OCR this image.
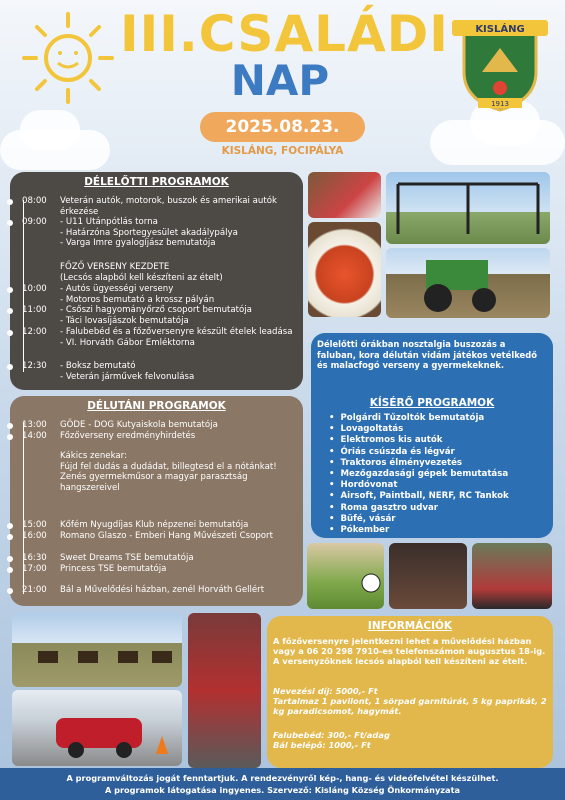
III.CSALÁDI
NAP
2025.08.23.
KISLÁNG, FOCIPÁLYA
KISLÁNG
1913
DÉLELŐTTI PROGRAMOK
08:00	Veterán autók, motorok, buszok és amerikai autók érkezése
09:00	- U11 Utánpótlás torna
- Határzóna Sportegyesület akadálypálya
- Varga Imre gyalogíjász bemutatója
FŐZŐ VERSENY KEZDETE
(Lecsós alapból kell készíteni az ételt)
10:00	- Autós ügyességi verseny
- Motoros bemutató a krossz pályán
11:00	- Csőszi hagyományőrző csoport bemutatója
- Táci lovasíjászok bemutatója
12:00	- Falubebéd és a főzőversenyre készült ételek leadása
- VI. Horváth Gábor Emléktorna
12:30	- Boksz bemutató
- Veterán járművek felvonulása
DÉLUTÁNI PROGRAMOK
13:00	GÖDE - DOG Kutyaiskola bemutatója
14:00	Főzőverseny eredményhirdetés
Kákics zenekar:
Fújd fel dudás a dudádat, billegtesd el a nótánkat!
Zenés gyermekműsor a magyar parasztság hangszereivel
15:00	Kőfém Nyugdíjas Klub népzenei bemutatója
16:00	Romano Glaszo - Emberi Hang Művészeti Csoport
16:30	Sweet Dreams TSE bemutatója
17:00	Princess TSE bemutatója
21:00	Bál a Művelődési házban, zenél Horváth Gellért
Délelőtti órákban nosztalgia buszozás a faluban, kora délután vidám játékos vetélkedő és malacfogó verseny a gyermekeknek.
KÍSÉRŐ PROGRAMOK
• Polgárdi Tűzoltók bemutatója
• Lovagoltatás
• Elektromos kis autók
• Óriás csúszda és légvár
• Traktoros élményvezetés
• Mezőgazdasági gépek bemutatása
• Hordóvonat
• Airsoft, Paintball, NERF, RC Tankok
• Roma gasztro udvar
• Büfé, vásár
• Pókember
INFORMÁCIÓK
A főzőversenyre jelentkezni lehet a művelődési házban vagy a 06 20 298 7910-es telefonszámon augusztus 18-ig. A versenyzőknek lecsós alapból kell készíteni az ételt.
Nevezési díj: 5000,- Ft
Tartalmaz 1 pavilont, 1 sörpad garnitúrát, 5 kg paprikát, 2 kg paradicsomot, hagymát.
Falubebéd: 300,- Ft/adag
Bál belépő: 1000,- Ft
A programváltozás jogát fenntartjuk. A rendezvényről kép-, hang- és videófelvétel készülhet.
A programok látogatása ingyenes. Szervező: Kisláng Község Önkormányzata
